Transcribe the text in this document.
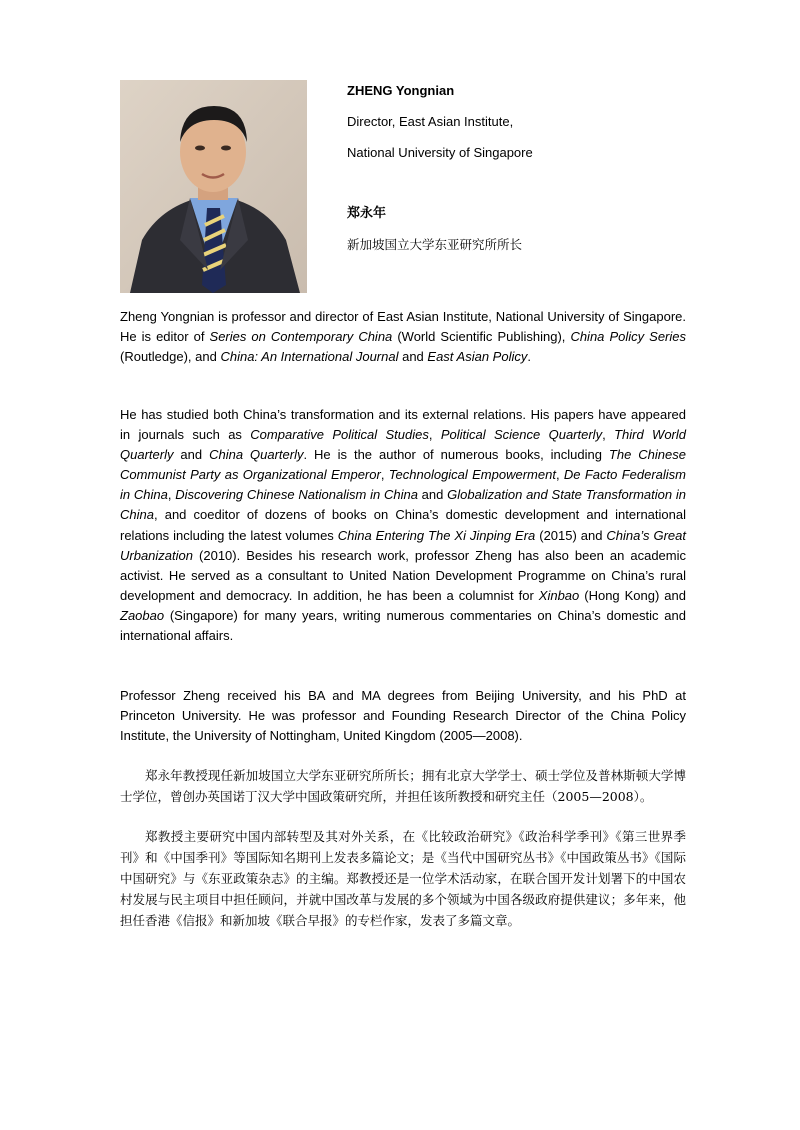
ZHENG Yongnian
Director, East Asian Institute,
National University of Singapore
郑永年
新加坡国立大学东亚研究所所长

Zheng Yongnian is professor and director of East Asian Institute, National University of Singapore. He is editor of Series on Contemporary China (World Scientific Publishing), China Policy Series (Routledge), and China: An International Journal and East Asian Policy.

He has studied both China’s transformation and its external relations. His papers have appeared in journals such as Comparative Political Studies, Political Science Quarterly, Third World Quarterly and China Quarterly. He is the author of numerous books, including The Chinese Communist Party as Organizational Emperor, Technological Empowerment, De Facto Federalism in China, Discovering Chinese Nationalism in China and Globalization and State Transformation in China, and coeditor of dozens of books on China’s domestic development and international relations including the latest volumes China Entering The Xi Jinping Era (2015) and China’s Great Urbanization (2010). Besides his research work, professor Zheng has also been an academic activist. He served as a consultant to United Nation Development Programme on China’s rural development and democracy. In addition, he has been a columnist for Xinbao (Hong Kong) and Zaobao (Singapore) for many years, writing numerous commentaries on China’s domestic and international affairs.

Professor Zheng received his BA and MA degrees from Beijing University, and his PhD at Princeton University. He was professor and Founding Research Director of the China Policy Institute, the University of Nottingham, United Kingdom (2005—2008).

郑永年教授现任新加坡国立大学东亚研究所所长；拥有北京大学学士、硕士学位及普林斯顿大学博士学位，曾创办英国诺丁汉大学中国政策研究所，并担任该所教授和研究主任（2005—2008）。

郑教授主要研究中国内部转型及其对外关系，在《比较政治研究》《政治科学季刊》《第三世界季刊》和《中国季刊》等国际知名期刊上发表多篇论文；是《当代中国研究丛书》《中国政策丛书》《国际中国研究》与《东亚政策杂志》的主编。郑教授还是一位学术活动家，在联合国开发计划署下的中国农村发展与民主项目中担任顾问，并就中国改革与发展的多个领域为中国各级政府提供建议；多年来，他担任香港《信报》和新加坡《联合早报》的专栏作家，发表了多篇文章。
